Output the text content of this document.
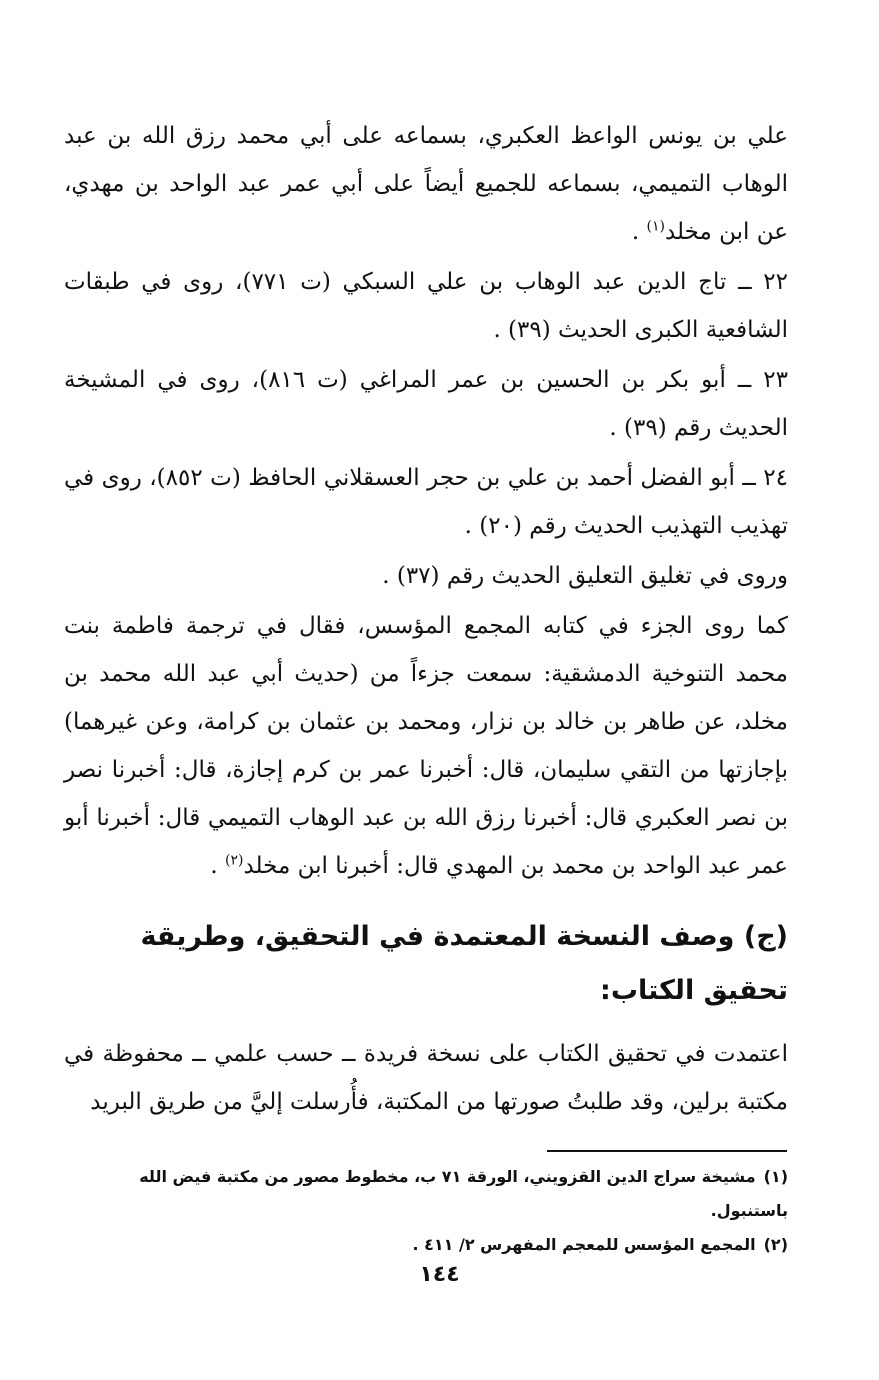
علي بن يونس الواعظ العكبري، بسماعه على أبي محمد رزق الله بن عبد الوهاب التميمي، بسماعه للجميع أيضاً على أبي عمر عبد الواحد بن مهدي، عن ابن مخلد$^{(١)}$ .

٢٢ ــ تاج الدين عبد الوهاب بن علي السبكي (ت ٧٧١)، روى في طبقات الشافعية الكبرى الحديث (٣٩) .

٢٣ ــ أبو بكر بن الحسين بن عمر المراغي (ت ٨١٦)، روى في المشيخة الحديث رقم (٣٩) .

٢٤ ــ أبو الفضل أحمد بن علي بن حجر العسقلاني الحافظ (ت ٨٥٢)، روى في تهذيب التهذيب الحديث رقم (٢٠) .

وروى في تغليق التعليق الحديث رقم (٣٧) .

كما روى الجزء في كتابه المجمع المؤسس، فقال في ترجمة فاطمة بنت محمد التنوخية الدمشقية: سمعت جزءاً من (حديث أبي عبد الله محمد بن مخلد، عن طاهر بن خالد بن نزار، ومحمد بن عثمان بن كرامة، وعن غيرهما) بإجازتها من التقي سليمان، قال: أخبرنا عمر بن كرم إجازة، قال: أخبرنا نصر بن نصر العكبري قال: أخبرنا رزق الله بن عبد الوهاب التميمي قال: أخبرنا أبو عمر عبد الواحد بن محمد بن المهدي قال: أخبرنا ابن مخلد$^{(٢)}$ .

(ج) وصف النسخة المعتمدة في التحقيق، وطريقة تحقيق الكتاب:

اعتمدت في تحقيق الكتاب على نسخة فريدة ــ حسب علمي ــ محفوظة في مكتبة برلين، وقد طلبتُ صورتها من المكتبة، فأُرسلت إليَّ من طريق البريد

(١)مشيخة سراج الدين القزويني، الورقة ٧١ ب، مخطوط مصور من مكتبة فيض الله باستنبول.

(٢)المجمع المؤسس للمعجم المفهرس ٢/ ٤١١ .

١٤٤
